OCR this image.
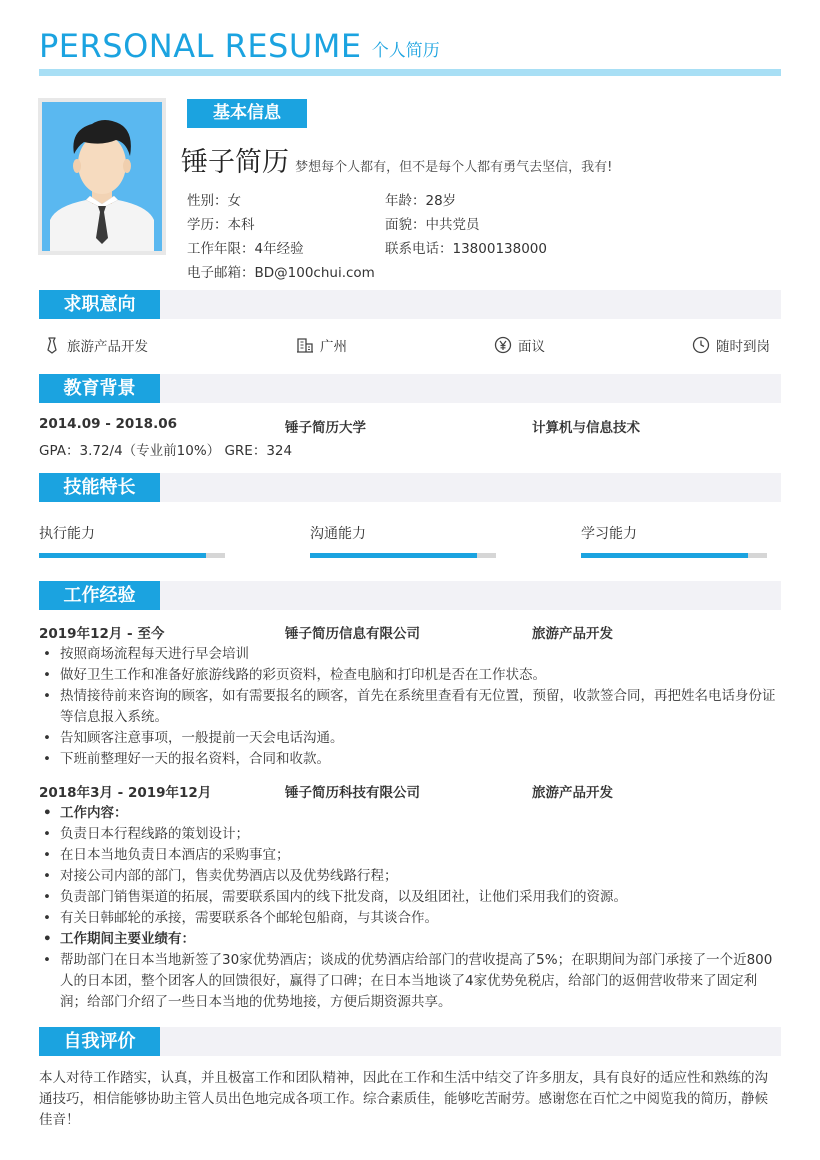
PERSONAL RESUME 个人简历
基本信息
锤子简历 梦想每个人都有，但不是每个人都有勇气去坚信，我有!
性别：女	年龄：28岁
学历：本科	面貌：中共党员
工作年限：4年经验	联系电话：13800138000
电子邮箱：BD@100chui.com
求职意向
旅游产品开发	广州	面议	随时到岗
教育背景
2014.09 - 2018.06	锤子简历大学	计算机与信息技术
GPA：3.72/4（专业前10%） GRE：324
技能特长
执行能力	沟通能力	学习能力
工作经验
2019年12月 - 至今	锤子简历信息有限公司	旅游产品开发
• 按照商场流程每天进行早会培训
• 做好卫生工作和准备好旅游线路的彩页资料，检查电脑和打印机是否在工作状态。
• 热情接待前来咨询的顾客，如有需要报名的顾客，首先在系统里查看有无位置，预留，收款签合同，再把姓名电话身份证等信息报入系统。
• 告知顾客注意事项，一般提前一天会电话沟通。
• 下班前整理好一天的报名资料，合同和收款。
2018年3月 - 2019年12月	锤子简历科技有限公司	旅游产品开发
• 工作内容：
• 负责日本行程线路的策划设计；
• 在日本当地负责日本酒店的采购事宜；
• 对接公司内部的部门，售卖优势酒店以及优势线路行程；
• 负责部门销售渠道的拓展，需要联系国内的线下批发商，以及组团社，让他们采用我们的资源。
• 有关日韩邮轮的承接，需要联系各个邮轮包船商，与其谈合作。
• 工作期间主要业绩有：
• 帮助部门在日本当地新签了30家优势酒店；谈成的优势酒店给部门的营收提高了5%；在职期间为部门承接了一个近800人的日本团，整个团客人的回馈很好，赢得了口碑；在日本当地谈了4家优势免税店，给部门的返佣营收带来了固定利润；给部门介绍了一些日本当地的优势地接，方便后期资源共享。
自我评价
本人对待工作踏实，认真，并且极富工作和团队精神，因此在工作和生活中结交了许多朋友，具有良好的适应性和熟练的沟通技巧，相信能够协助主管人员出色地完成各项工作。综合素质佳，能够吃苦耐劳。感谢您在百忙之中阅览我的简历，静候佳音！
